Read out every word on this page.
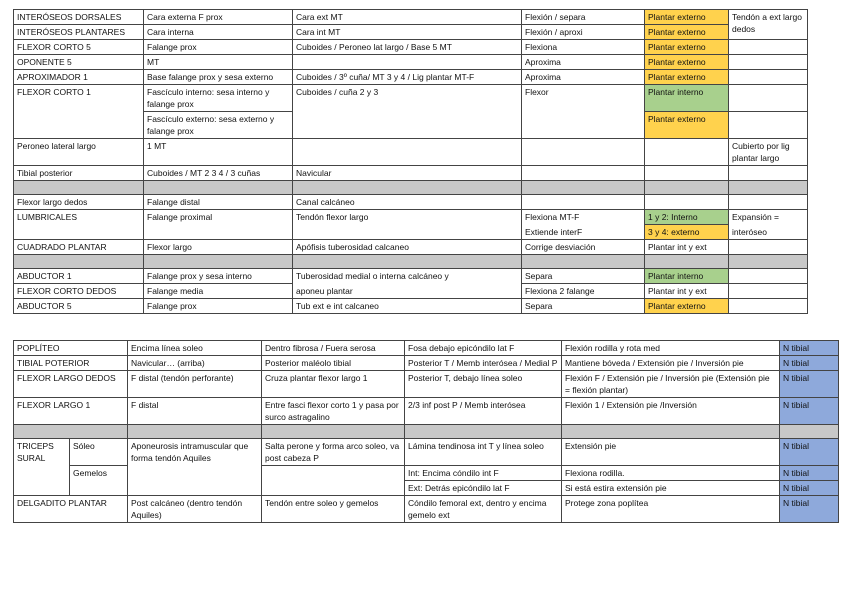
INTERÓSEOS DORSALES	Cara externa F prox	Cara ext MT	Flexión / separa	Plantar externo	Tendón a ext largo dedos
INTERÓSEOS PLANTARES	Cara interna	Cara int MT	Flexión / aproxi	Plantar externo	
FLEXOR CORTO 5	Falange prox	Cuboides / Peroneo lat largo / Base 5 MT	Flexiona	Plantar externo	
OPONENTE 5	MT		Aproxima	Plantar externo	
APROXIMADOR 1	Base falange prox y sesa externo	Cuboides / 3º cuña/ MT 3 y 4 / Lig plantar MT-F	Aproxima	Plantar externo	
FLEXOR CORTO 1	Fascículo interno: sesa interno y falange prox	Cuboides / cuña 2 y 3	Flexor	Plantar interno	
	Fascículo externo: sesa externo y falange prox			Plantar externo	
Peroneo lateral largo	1 MT				Cubierto por lig plantar largo
Tibial posterior	Cuboides / MT 2 3 4 / 3 cuñas	Navicular			

Flexor largo dedos	Falange distal	Canal calcáneo			
LUMBRICALES	Falange proximal	Tendón flexor largo	Flexiona MT-F	1 y 2: Interno	Expansión =
			Extiende interF	3 y 4: externo	interóseo
CUADRADO PLANTAR	Flexor largo	Apófisis tuberosidad calcaneo	Corrige desviación	Plantar int y ext	

ABDUCTOR 1	Falange prox y sesa interno	Tuberosidad medial o interna calcáneo y	Separa	Plantar interno	
FLEXOR CORTO DEDOS	Falange media	aponeu plantar	Flexiona 2 falange	Plantar int y ext	
ABDUCTOR 5	Falange prox	Tub ext e int calcaneo	Separa	Plantar externo	
POPLÍTEO		Encima línea soleo	Dentro fibrosa / Fuera serosa	Fosa debajo epicóndilo lat F	Flexión rodilla y rota med	N tibial
TIBIAL POTERIOR		Navicular… (arriba)	Posterior maléolo tibial	Posterior T / Memb interósea / Medial P	Mantiene bóveda / Extensión pie / Inversión pie	N tibial
FLEXOR LARGO DEDOS		F distal (tendón perforante)	Cruza plantar flexor largo 1	Posterior T, debajo línea soleo	Flexión F / Extensión pie / Inversión pie (Extensión pie = flexión plantar)	N tibial
FLEXOR LARGO 1		F distal	Entre fasci flexor corto 1 y pasa por surco astragalino	2/3 inf post P / Memb interósea	Flexión 1 / Extensión pie /Inversión	N tibial

TRICEPS SURAL	Sóleo	Aponeurosis intramuscular que forma tendón Aquiles	Salta perone y forma arco soleo, va post cabeza P	Lámina tendinosa int T y línea soleo	Extensión pie	N tibial
	Gemelos			Int: Encima cóndilo int F	Flexiona rodilla.	N tibial
				Ext: Detrás epicóndilo lat F	Si está estira extensión pie	N tibial
DELGADITO PLANTAR		Post calcáneo (dentro tendón Aquiles)	Tendón entre soleo y gemelos	Cóndilo femoral ext, dentro y encima gemelo ext	Protege zona poplítea	N tibial
